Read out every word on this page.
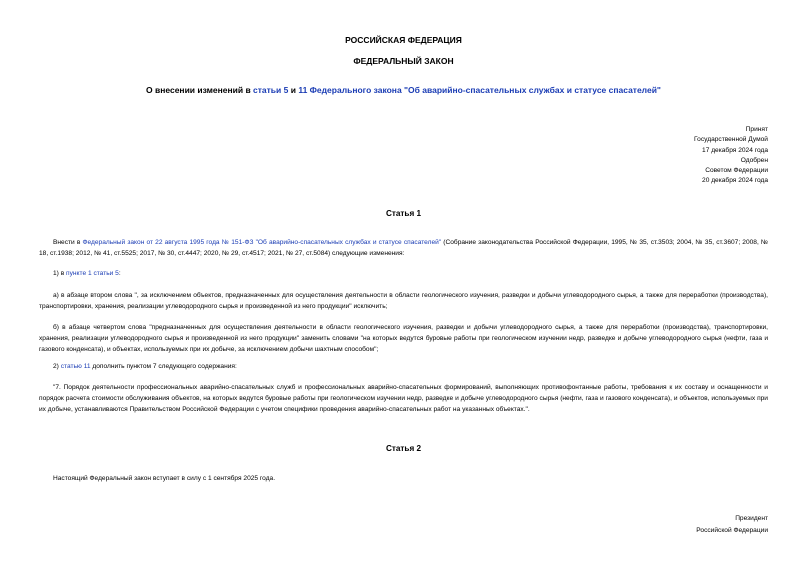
РОССИЙСКАЯ ФЕДЕРАЦИЯ
ФЕДЕРАЛЬНЫЙ ЗАКОН
О внесении изменений в статьи 5 и 11 Федерального закона "Об аварийно-спасательных службах и статусе спасателей"
Принят
Государственной Думой
17 декабря 2024 года
Одобрен
Советом Федерации
20 декабря 2024 года
Статья 1
Внести в Федеральный закон от 22 августа 1995 года № 151-ФЗ "Об аварийно-спасательных службах и статусе спасателей" (Собрание законодательства Российской Федерации, 1995, № 35, ст.3503; 2004, № 35, ст.3607; 2008, № 18, ст.1938; 2012, № 41, ст.5525; 2017, № 30, ст.4447; 2020, № 29, ст.4517; 2021, № 27, ст.5084) следующие изменения:
1) в пункте 1 статьи 5:
а) в абзаце втором слова ", за исключением объектов, предназначенных для осуществления деятельности в области геологического изучения, разведки и добычи углеводородного сырья, а также для переработки (производства), транспортировки, хранения, реализации углеводородного сырья и произведенной из него продукции" исключить;
б) в абзаце четвертом слова "предназначенных для осуществления деятельности в области геологического изучения, разведки и добычи углеводородного сырья, а также для переработки (производства), транспортировки, хранения, реализации углеводородного сырья и произведенной из него продукции" заменить словами "на которых ведутся буровые работы при геологическом изучении недр, разведке и добыче углеводородного сырья (нефти, газа и газового конденсата), и объектах, используемых при их добыче, за исключением добычи шахтным способом";
2) статью 11 дополнить пунктом 7 следующего содержания:
"7. Порядок деятельности профессиональных аварийно-спасательных служб и профессиональных аварийно-спасательных формирований, выполняющих противофонтанные работы, требования к их составу и оснащенности и порядок расчета стоимости обслуживания объектов, на которых ведутся буровые работы при геологическом изучении недр, разведке и добыче углеводородного сырья (нефти, газа и газового конденсата), и объектов, используемых при их добыче, устанавливаются Правительством Российской Федерации с учетом специфики проведения аварийно-спасательных работ на указанных объектах.".
Статья 2
Настоящий Федеральный закон вступает в силу с 1 сентября 2025 года.
Президент
Российской Федерации
